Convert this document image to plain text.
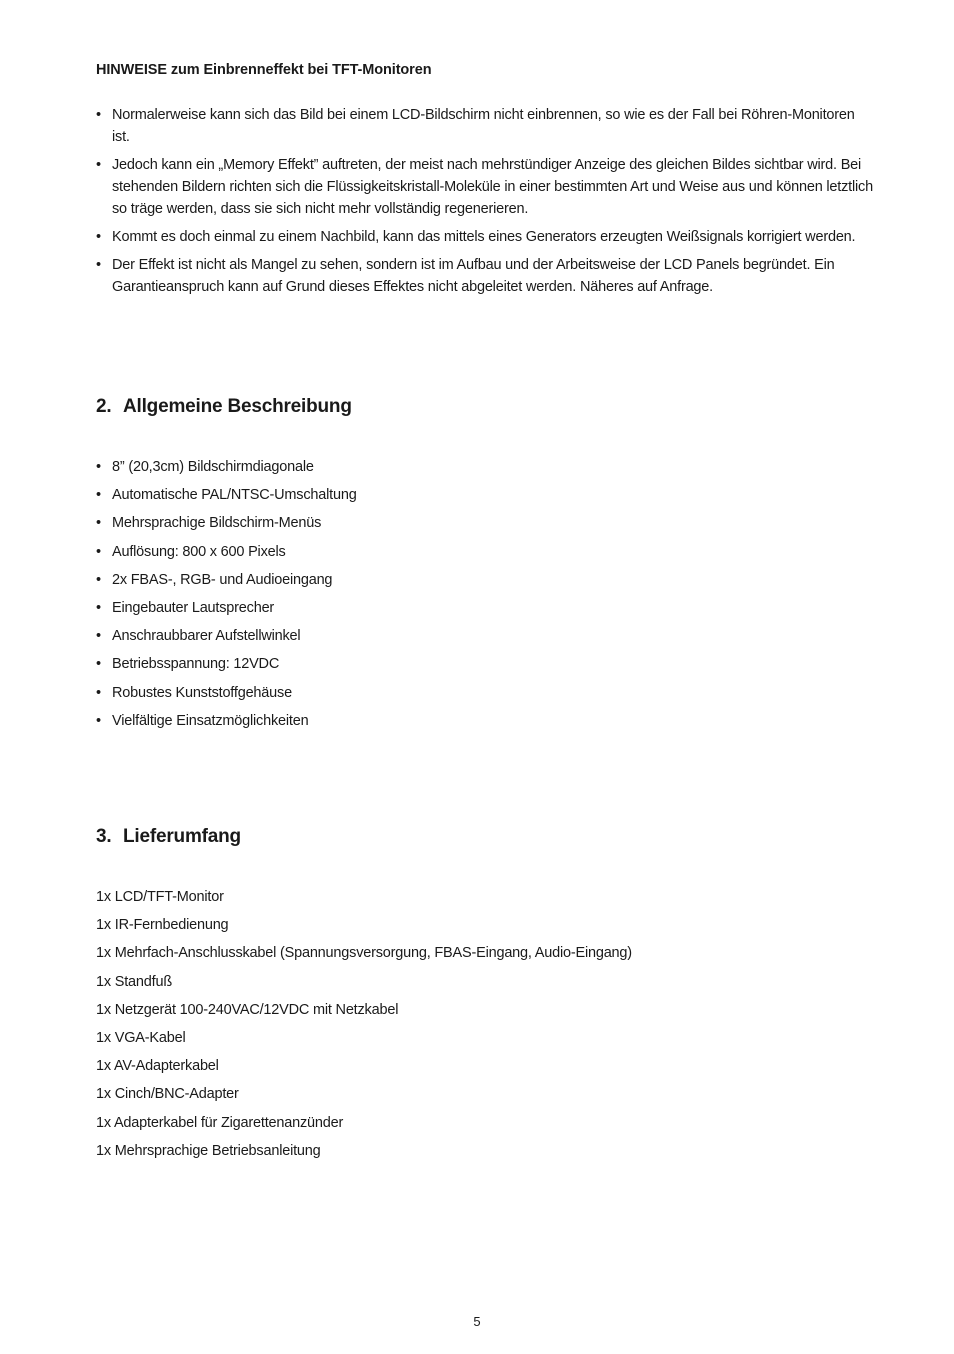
HINWEISE zum Einbrenneffekt bei TFT-Monitoren
• Normalerweise kann sich das Bild bei einem LCD-Bildschirm nicht einbrennen, so wie es der Fall bei Röhren-Monitoren ist.
• Jedoch kann ein „Memory Effekt” auftreten, der meist nach mehrstündiger Anzeige des gleichen Bildes sichtbar wird. Bei stehenden Bildern richten sich die Flüssigkeitskristall-Moleküle in einer bestimmten Art und Weise aus und können letztlich so träge werden, dass sie sich nicht mehr vollständig regenerieren.
• Kommt es doch einmal zu einem Nachbild, kann das mittels eines Generators erzeugten Weißsignals korrigiert werden.
• Der Effekt ist nicht als Mangel zu sehen, sondern ist im Aufbau und der Arbeitsweise der LCD Panels begründet. Ein Garantieanspruch kann auf Grund dieses Effektes nicht abgeleitet werden. Näheres auf Anfrage.
2. Allgemeine Beschreibung
• 8” (20,3cm) Bildschirmdiagonale
• Automatische PAL/NTSC-Umschaltung
• Mehrsprachige Bildschirm-Menüs
• Auflösung: 800 x 600 Pixels
• 2x FBAS-, RGB- und Audioeingang
• Eingebauter Lautsprecher
• Anschraubbarer Aufstellwinkel
• Betriebsspannung: 12VDC
• Robustes Kunststoffgehäuse
• Vielfältige Einsatzmöglichkeiten
3. Lieferumfang
1x LCD/TFT-Monitor
1x IR-Fernbedienung
1x Mehrfach-Anschlusskabel (Spannungsversorgung, FBAS-Eingang, Audio-Eingang)
1x Standfuß
1x Netzgerät 100-240VAC/12VDC mit Netzkabel
1x VGA-Kabel
1x AV-Adapterkabel
1x Cinch/BNC-Adapter
1x Adapterkabel für Zigarettenanzünder
1x Mehrsprachige Betriebsanleitung
5
